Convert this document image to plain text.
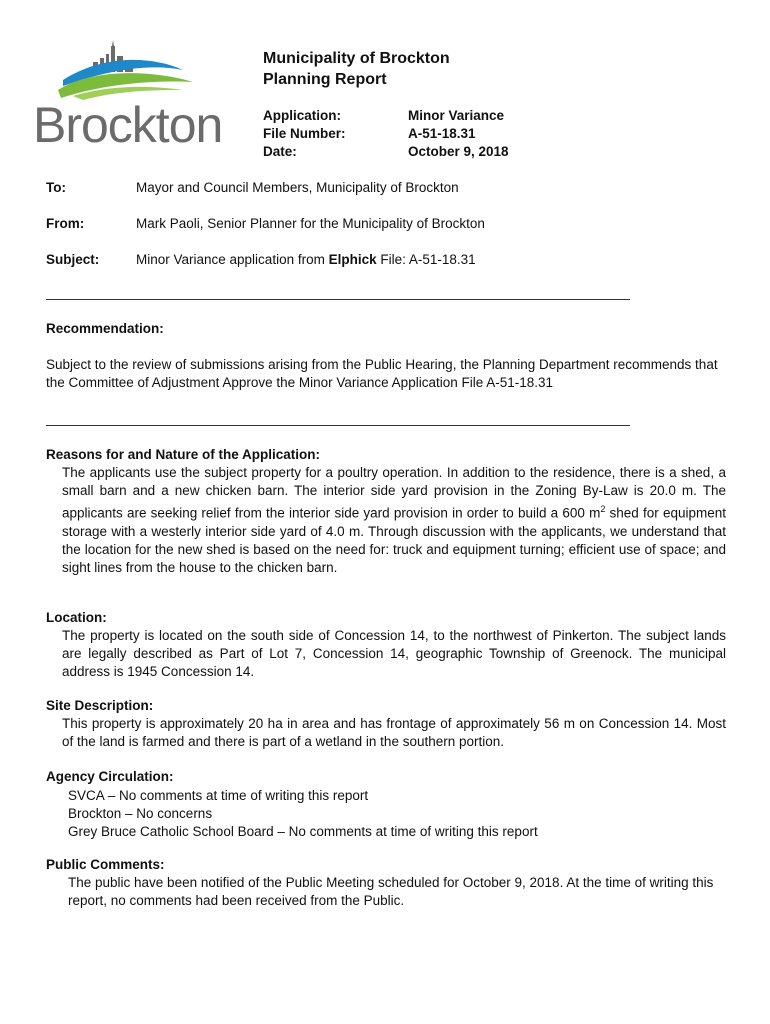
Brockton
Municipality of Brockton
Planning Report
Application:	Minor Variance
File Number:	A-51-18.31
Date:	October 9, 2018
To:	Mayor and Council Members, Municipality of Brockton
From:	Mark Paoli, Senior Planner for the Municipality of Brockton
Subject:	Minor Variance application from Elphick File: A-51-18.31
Recommendation:
Subject to the review of submissions arising from the Public Hearing, the Planning Department recommends that the Committee of Adjustment Approve the Minor Variance Application File A-51-18.31
Reasons for and Nature of the Application:
The applicants use the subject property for a poultry operation. In addition to the residence, there is a shed, a small barn and a new chicken barn. The interior side yard provision in the Zoning By-Law is 20.0 m. The applicants are seeking relief from the interior side yard provision in order to build a 600 $m^2$ shed for equipment storage with a westerly interior side yard of 4.0 m. Through discussion with the applicants, we understand that the location for the new shed is based on the need for: truck and equipment turning; efficient use of space; and sight lines from the house to the chicken barn.
Location:
The property is located on the south side of Concession 14, to the northwest of Pinkerton. The subject lands are legally described as Part of Lot 7, Concession 14, geographic Township of Greenock. The municipal address is 1945 Concession 14.
Site Description:
This property is approximately 20 ha in area and has frontage of approximately 56 m on Concession 14. Most of the land is farmed and there is part of a wetland in the southern portion.
Agency Circulation:
SVCA – No comments at time of writing this report
Brockton – No concerns
Grey Bruce Catholic School Board – No comments at time of writing this report
Public Comments:
The public have been notified of the Public Meeting scheduled for October 9, 2018. At the time of writing this report, no comments had been received from the Public.
